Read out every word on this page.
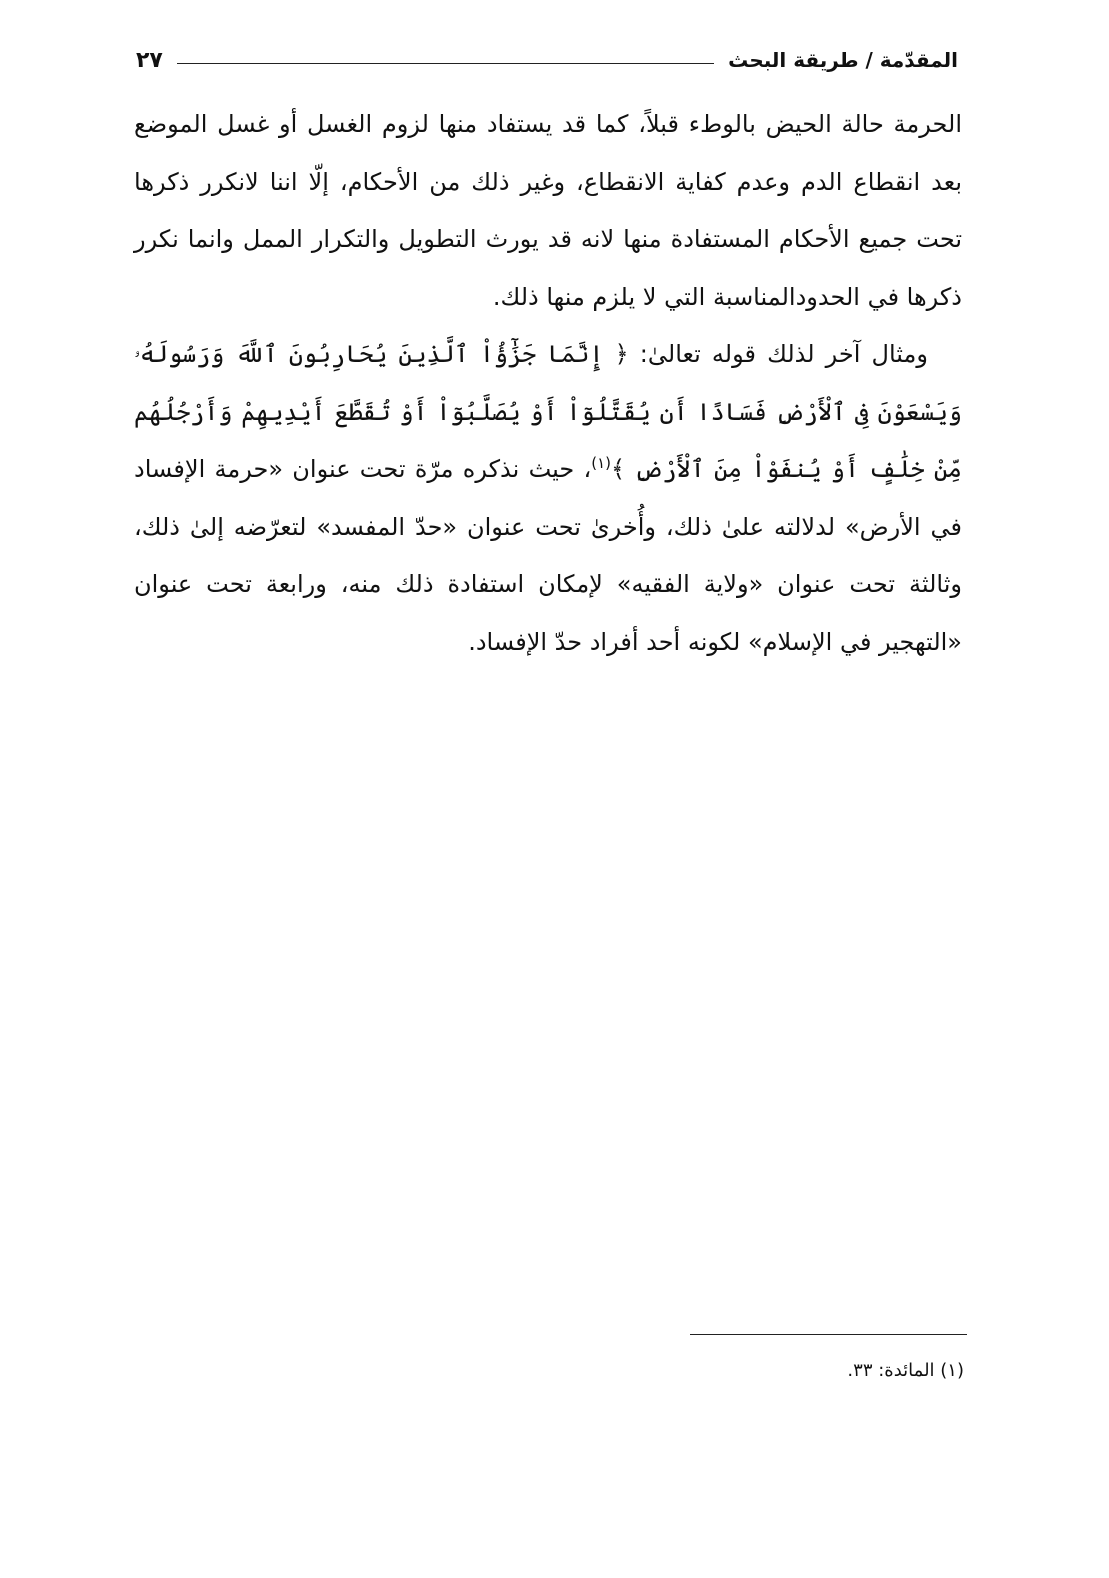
المقدّمة / طريقة البحث
٢٧

الحرمة حالة الحيض بالوطء قبلاً، كما قد يستفاد منها لزوم الغسل أو غسل الموضع بعد انقطاع الدم وعدم كفاية الانقطاع، وغير ذلك من الأحكام، إلّا اننا لانكرر ذكرها تحت جميع الأحكام المستفادة منها لانه قد يورث التطويل والتكرار الممل وانما نكرر ذكرها في الحدودالمناسبة التي لا يلزم منها ذلك.

ومثال آخر لذلك قوله تعالىٰ: ﴿ إِنَّمَا جَزَٰٓؤُاْ ٱلَّذِينَ يُحَارِبُونَ ٱللَّهَ وَرَسُولَهُۥ وَيَسْعَوْنَ فِى ٱلْأَرْضِ فَسَادًا أَن يُقَتَّلُوٓاْ أَوْ يُصَلَّبُوٓاْ أَوْ تُقَطَّعَ أَيْدِيهِمْ وَأَرْجُلُهُم مِّنْ خِلَٰفٍ أَوْ يُنفَوْاْ مِنَ ٱلْأَرْضِ ﴾$^{(١)}$، حيث نذكره مرّة تحت عنوان «حرمة الإفساد في الأرض» لدلالته علىٰ ذلك، وأُخرىٰ تحت عنوان «حدّ المفسد» لتعرّضه إلىٰ ذلك، وثالثة تحت عنوان «ولاية الفقيه» لإمكان استفادة ذلك منه، ورابعة تحت عنوان «التهجير في الإسلام» لكونه أحد أفراد حدّ الإفساد.

(١) المائدة: ٣٣.
